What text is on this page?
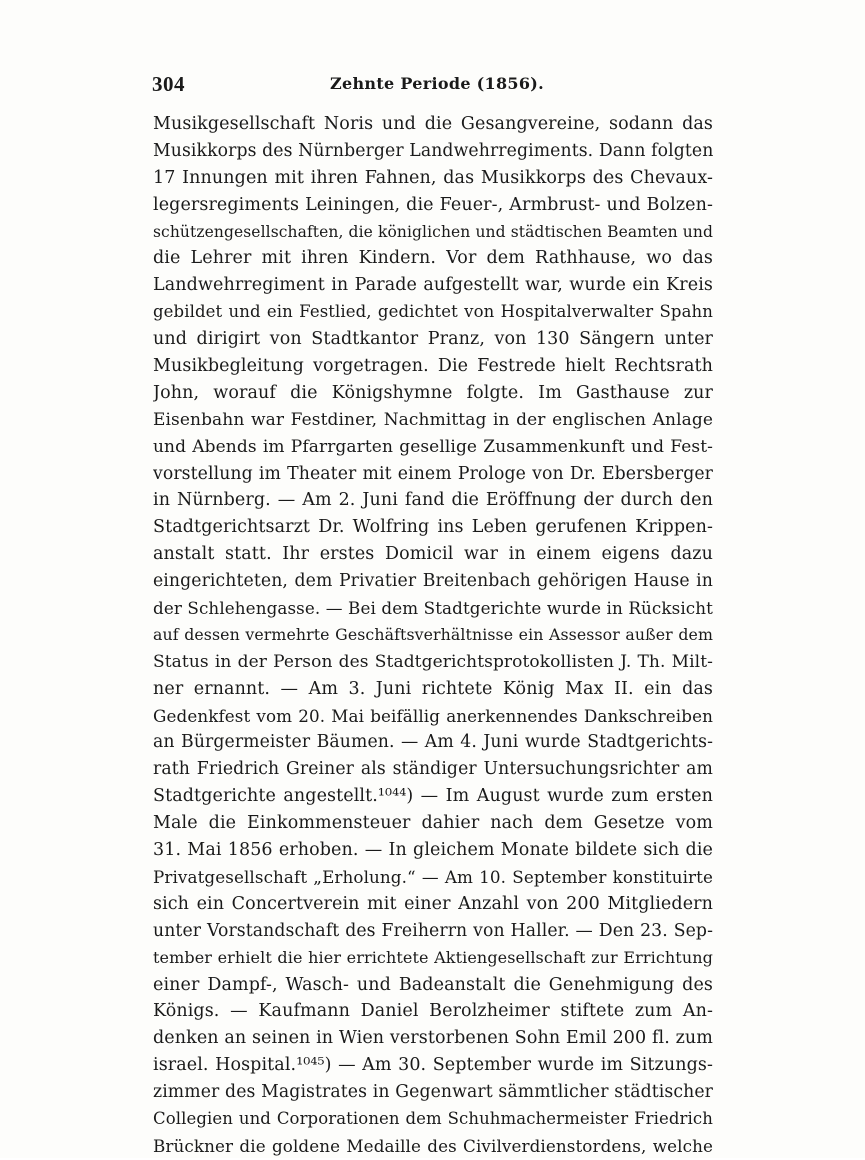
304	Zehnte Periode (1856).
Musikgesellschaft Noris und die Gesangvereine, sodann das
Musikkorps des Nürnberger Landwehrregiments. Dann folgten
17 Innungen mit ihren Fahnen, das Musikkorps des Chevaux-
legersregiments Leiningen, die Feuer-, Armbrust- und Bolzen-
schützengesellschaften, die königlichen und städtischen Beamten und
die Lehrer mit ihren Kindern. Vor dem Rathhause, wo das
Landwehrregiment in Parade aufgestellt war, wurde ein Kreis
gebildet und ein Festlied, gedichtet von Hospitalverwalter Spahn
und dirigirt von Stadtkantor Pranz, von 130 Sängern unter
Musikbegleitung vorgetragen. Die Festrede hielt Rechtsrath
John, worauf die Königshymne folgte. Im Gasthause zur
Eisenbahn war Festdiner, Nachmittag in der englischen Anlage
und Abends im Pfarrgarten gesellige Zusammenkunft und Fest-
vorstellung im Theater mit einem Prologe von Dr. Ebersberger
in Nürnberg. — Am 2. Juni fand die Eröffnung der durch den
Stadtgerichtsarzt Dr. Wolfring ins Leben gerufenen Krippen-
anstalt statt. Ihr erstes Domicil war in einem eigens dazu
eingerichteten, dem Privatier Breitenbach gehörigen Hause in
der Schlehengasse. — Bei dem Stadtgerichte wurde in Rücksicht
auf dessen vermehrte Geschäftsverhältnisse ein Assessor außer dem
Status in der Person des Stadtgerichtsprotokollisten J. Th. Milt-
ner ernannt. — Am 3. Juni richtete König Max II. ein das
Gedenkfest vom 20. Mai beifällig anerkennendes Dankschreiben
an Bürgermeister Bäumen. — Am 4. Juni wurde Stadtgerichts-
rath Friedrich Greiner als ständiger Untersuchungsrichter am
Stadtgerichte angestellt.¹⁰⁴⁴) — Im August wurde zum ersten
Male die Einkommensteuer dahier nach dem Gesetze vom
31. Mai 1856 erhoben. — In gleichem Monate bildete sich die
Privatgesellschaft „Erholung.“ — Am 10. September konstituirte
sich ein Concertverein mit einer Anzahl von 200 Mitgliedern
unter Vorstandschaft des Freiherrn von Haller. — Den 23. Sep-
tember erhielt die hier errichtete Aktiengesellschaft zur Errichtung
einer Dampf-, Wasch- und Badeanstalt die Genehmigung des
Königs. — Kaufmann Daniel Berolzheimer stiftete zum An-
denken an seinen in Wien verstorbenen Sohn Emil 200 fl. zum
israel. Hospital.¹⁰⁴⁵) — Am 30. September wurde im Sitzungs-
zimmer des Magistrates in Gegenwart sämmtlicher städtischer
Collegien und Corporationen dem Schuhmachermeister Friedrich
Brückner die goldene Medaille des Civilverdienstordens, welche
